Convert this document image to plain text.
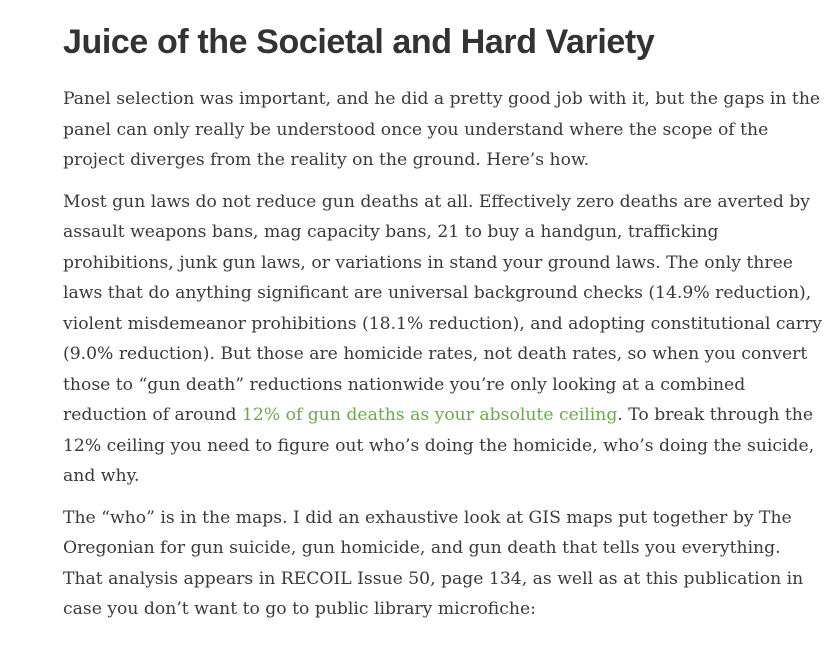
Juice of the Societal and Hard Variety

Panel selection was important, and he did a pretty good job with it, but the gaps in the
panel can only really be understood once you understand where the scope of the
project diverges from the reality on the ground. Here’s how.

Most gun laws do not reduce gun deaths at all. Effectively zero deaths are averted by
assault weapons bans, mag capacity bans, 21 to buy a handgun, trafficking
prohibitions, junk gun laws, or variations in stand your ground laws. The only three
laws that do anything significant are universal background checks (14.9% reduction),
violent misdemeanor prohibitions (18.1% reduction), and adopting constitutional carry
(9.0% reduction). But those are homicide rates, not death rates, so when you convert
those to “gun death” reductions nationwide you’re only looking at a combined
reduction of around 12% of gun deaths as your absolute ceiling. To break through the
12% ceiling you need to figure out who’s doing the homicide, who’s doing the suicide,
and why.

The “who” is in the maps. I did an exhaustive look at GIS maps put together by The
Oregonian for gun suicide, gun homicide, and gun death that tells you everything.
That analysis appears in RECOIL Issue 50, page 134, as well as at this publication in
case you don’t want to go to public library microfiche:
